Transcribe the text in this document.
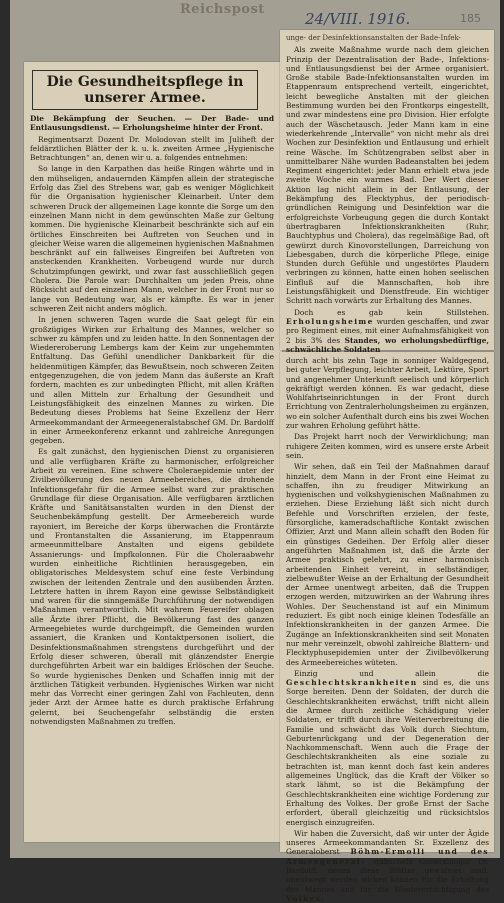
Reichspost
24/VIII. 1916.	185
Die Gesundheitspflege in
unserer Armee.

Die Bekämpfung der Seuchen. — Der Bade- und Entlausungsdienst. — Erholungsheime hinter der Front.

Regimentsarzt Dozent Dr. Molodovan stellt im Juliheft der feldärztlichen Blätter der k. u. k. zweiten Armee „Hygienische Betrachtungen“ an, denen wir u. a. folgendes entnehmen:

So lange in den Karpathen das heiße Ringen währte und in den mühseligen, andauernden Kämpfen allein der strategische Erfolg das Ziel des Strebens war, gab es weniger Möglichkeit für die Organisation hygienischer Kleinarbeit. Unter dem schweren Druck der allgemeinen Lage konnte die Sorge um den einzelnen Mann nicht in dem gewünschten Maße zur Geltung kommen. Die hygienische Kleinarbeit beschränkte sich auf ein örtliches Einschreiten bei Auftreten von Seuchen und in gleicher Weise waren die allgemeinen hygienischen Maßnahmen beschränkt auf ein fallweises Eingreifen bei Auftreten von ansteckenden Krankheiten. Vorbeugend wurde nur durch Schutzimpfungen gewirkt, und zwar fast ausschließlich gegen Cholera. Die Parole war: Durchhalten um jeden Preis, ohne Rücksicht auf den einzelnen Mann, welcher in der Front nur so lange von Bedeutung war, als er kämpfte. Es war in jener schweren Zeit nicht anders möglich.

In jenen schweren Tagen wurde die Saat gelegt für ein großzügiges Wirken zur Erhaltung des Mannes, welcher so schwer zu kämpfen und zu leiden hatte. In den Sonnentagen der Wiedereroberung Lembergs kam der Keim zur ungehemmten Entfaltung. Das Gefühl unendlicher Dankbarkeit für die heldenmütigen Kämpfer, das Bewußtsein, noch schweren Zeiten entgegenzugehen, die von jedem Mann das äußerste an Kraft fordern, machten es zur unbedingten Pflicht, mit allen Kräften und allen Mitteln zur Erhaltung der Gesundheit und Leistungsfähigkeit des einzelnen Mannes zu wirken. Die Bedeutung dieses Problems hat Seine Exzellenz der Herr Armeekommandant der Armeegeneralstabschef GM. Dr. Bardolff in einer Armeekonferenz erkannt und zahlreiche Anregungen gegeben.

Es galt zunächst, den hygienischen Dienst zu organisieren und alle verfügbaren Kräfte zu harmonischer, erfolgreicher Arbeit zu vereinen. Eine schwere Choleraepidemie unter der Zivilbevölkerung des neuen Armeebereiches, die drohende Infektionsgefahr für die Armee selbst ward zur praktischen Grundlage für diese Organisation. Alle verfügbaren ärztlichen Kräfte und Sanitätsanstalten wurden in den Dienst der Seuchenbekämpfung gestellt. Der Armeebereich wurde rayoniert, im Bereiche der Korps überwachen die Frontärzte und Frontanstalten die Assanierung, im Etappenraum armeeunmittelbare Anstalten und eigens gebildete Assanierungs- und Impfkolonnen. Für die Choleraabwehr wurden einheitliche Richtlinien herausgegeben, ein obligatorisches Meldesystem schuf eine feste Verbindung zwischen der leitenden Zentrale und den ausübenden Ärzten. Letztere hatten in ihrem Rayon eine gewisse Selbständigkeit und waren für die sinngemäße Durchführung der notwendigen Maßnahmen verantwortlich. Mit wahrem Feuereifer oblagen alle Ärzte ihrer Pflicht, die Bevölkerung fast des ganzen Armeegebietes wurde durchgeimpft, die Gemeinden wurden assaniert, die Kranken und Kontaktpersonen isoliert, die Desinfektionsmaßnahmen strengstens durchgeführt und der Erfolg dieser schweren, überall mit glänzendster Energie durchgeführten Arbeit war ein baldiges Erlöschen der Seuche. So wurde hygienisches Denken und Schaffen innig mit der ärztlichen Tätigkeit verbunden. Hygienisches Wirken war nicht mehr das Vorrecht einer geringen Zahl von Fachleuten, denn jeder Arzt der Armee hatte es durch praktische Erfahrung gelernt, bei Seuchengefahr selbständig die ersten notwendigsten Maßnahmen zu treffen.

unge- der Desinfektionsanstalten der Bade-Infek-

Als zweite Maßnahme wurde nach dem gleichen Prinzip der Dezentralisation der Bade-, Infektions- und Entlausungsdienst bei der Armee organisiert. Große stabile Bade-Infektionsanstalten wurden im Etappenraum entsprechend verteilt, eingerichtet, leicht bewegliche Anstalten mit der gleichen Bestimmung wurden bei den Frontkorps eingestellt, und zwar mindestens eine pro Division. Hier erfolgte auch der Wäschetausch. Jeder Mann kam in eine wiederkehrende „Intervalle“ von nicht mehr als drei Wochen zur Desinfektion und Entlausung und erhielt reine Wäsche. Im Schützengraben selbst aber in unmittelbarer Nähe wurden Badeanstalten bei jedem Regiment eingerichtet: jeder Mann erhielt etwa jede zweite Woche ein warmes Bad. Der Wert dieser Aktion lag nicht allein in der Entlausung, der Bekämpfung des Flecktyphus, der periodisch-gründlichen Reinigung und Desinfektion war die erfolgreichste Vorbeugung gegen die durch Kontakt übertragbaren Infektionskrankheiten (Ruhr, Bauchtyphus und Cholera), das regelmäßige Bad, oft gewürzt durch Kinovorstellungen, Darreichung von Liebesgaben, durch die körperliche Pflege, einige Stunden durch Gefühle und ungestörtes Plaudern verbringen zu können, hatte einen hohen seelischen Einfluß auf die Mannschaften, hob ihre Leistungsfähigkeit und Dienstfreude. Ein wichtiger Schritt nach vorwärts zur Erhaltung des Mannes.

Doch es gab kein Stillstehen. Erholungsheime wurden geschaffen, und zwar pro Regiment eines, mit einer Aufnahmsfähigkeit von 2 bis 3% des Standes, wo erholungsbedürftige, schwächliche Soldaten

durch acht bis zehn Tage in sonniger Waldgegend, bei guter Verpflegung, leichter Arbeit, Lektüre, Sport und angenehmer Unterkunft seelisch und körperlich gekräftigt werden können. Es war gedacht, diese Wohlfahrtseinrichtungen in der Front durch Errichtung von Zentralerholungsheimen zu ergänzen, wo ein solcher Aufenthalt durch eins bis zwei Wochen zur wahren Erholung geführt hätte.

Das Projekt harrt noch der Verwirklichung; man ruhigere Zeiten kommen, wird es unsere erste Arbeit sein.

Wir sehen, daß ein Teil der Maßnahmen darauf hinzielt, dem Mann in der Front eine Heimat zu schaffen, ihn zu freudiger Mitwirkung an hygienischen und volkshygienischen Maßnahmen zu erziehen. Diese Erziehung läßt sich nicht durch Befehle und Vorschriften erzielen, der feste, fürsorgliche, kameradschaftliche Kontakt zwischen Offizier, Arzt und Mann allein schafft den Boden für ein günstiges Gedeihen. Der Erfolg aller dieser angeführten Maßnahmen ist, daß die Ärzte der Armee praktisch gelehrt, zu einer harmonisch arbeitenden Einheit vereint, in selbständiger, zielbewußter Weise an der Erhaltung der Gesundheit der Armee unentwegt arbeiten, daß die Truppen erzogen werden, mitzuwirken an der Wahrung ihres Wohles. Der Seuchenstand ist auf ein Minimum reduziert. Es gibt noch einige kleinen Todesfälle an Infektionskrankheiten in der ganzen Armee. Die Zugänge an Infektionskrankheiten sind seit Monaten nur mehr vereinzelt, obwohl zahlreiche Blattern- und Flecktyphusepidemien unter der Zivilbevölkerung des Armeebereiches wüteten.

Einzig und allein die Geschlechtskrankheiten sind es, die uns Sorge bereiten. Denn der Soldaten, der durch die Geschlechtskrankheiten erwächst, trifft nicht allein die Armee durch zeitliche Schädigung vieler Soldaten, er trifft durch ihre Weiterverbreitung die Familie und schwächt das Volk durch Siechtum, Geburtenrückgang und der Degeneration der Nachkommenschaft. Wenn auch die Frage der Geschlechtskrankheiten als eine soziale zu betrachten ist, man kennt doch fast kein anderes allgemeines Unglück, das die Kraft der Völker so stark lähmt, so ist die Bekämpfung der Geschlechtskrankheiten eine wichtige Forderung zur Erhaltung des Volkes. Der große Ernst der Sache erfordert, überall gleichzeitig und rücksichtslos energisch einzugreifen.

Wir haben die Zuversicht, daß wir unter der Ägide unseres Armeekommandanten Sr. Exzellenz des Generaloberst Böhm-Ermolli und des Armeegeneral- stabschefs Generalmajor Dr. Bardolff, denen diese Blätter gewidmet sind, unentwegt werden wirken können für die Erhaltung des Mannes und für die Wiederertüchtigung des Volkes.
